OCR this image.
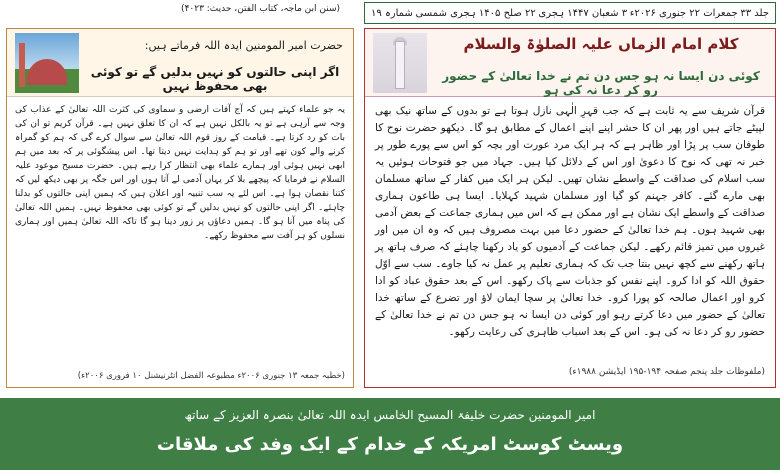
جلد ۳۳
جمعرات ۲۲ جنوری ۲۰۲۶ء
۳ شعبان ۱۴۴۷ ہجری
۲۲ صلح ۱۴۰۵ ہجری شمسی
شمارہ ۱۹
(سنن ابن ماجہ، کتاب الفتن، حدیث: ۴۰۲۳)
کلام امام الزماں علیہ الصلوٰۃ والسلام
کوئی دن ایسا نہ ہو جس دن تم نے خدا تعالیٰ کے حضور رو کر دعا نہ کی ہو
قرآن شریف سے یہ ثابت ہے کہ جب قہرِ الٰہی نازل ہوتا ہے تو بدوں کے ساتھ نیک بھی لپیٹے جاتے ہیں اور پھر ان کا حشر اپنے اپنے اعمال کے مطابق ہو گا۔ دیکھو حضرت نوح کا طوفان سب پر پڑا اور ظاہر ہے کہ ہر ایک مرد عورت اور بچہ کو اس سے پورے طور پر خبر نہ تھی کہ نوح کا دعویٰ اور اس کے دلائل کیا ہیں۔ جہاد میں جو فتوحات ہوئیں یہ سب اسلام کی صداقت کے واسطے نشان تھیں۔ لیکن ہر ایک میں کفار کے ساتھ مسلمان بھی مارے گئے۔ کافر جہنم کو گیا اور مسلمان شہید کہلایا۔ ایسا ہی طاعون ہماری صداقت کے واسطے ایک نشان ہے اور ممکن ہے کہ اس میں ہماری جماعت کے بعض آدمی بھی شہید ہوں۔ ہم خدا تعالیٰ کے حضور دعا میں بہت مصروف ہیں کہ وہ ان میں اور غیروں میں تمیز قائم رکھے۔ لیکن جماعت کے آدمیوں کو یاد رکھنا چاہئے کہ صرف ہاتھ پر ہاتھ رکھنے سے کچھ نہیں بنتا جب تک کہ ہماری تعلیم پر عمل نہ کیا جاوے۔ سب سے اوّل حقوق اللہ کو ادا کرو۔ اپنے نفس کو جذبات سے پاک رکھو۔ اس کے بعد حقوق عباد کو ادا کرو اور اعمال صالحہ کو پورا کرو۔ خدا تعالیٰ پر سچا ایمان لاؤ اور تضرع کے ساتھ خدا تعالیٰ کے حضور میں دعا کرتے رہو اور کوئی دن ایسا نہ ہو جس دن تم نے خدا تعالیٰ کے حضور رو کر دعا نہ کی ہو۔ اس کے بعد اسباب ظاہری کی رعایت رکھو۔
(ملفوظات جلد پنجم صفحہ ۱۹۴-۱۹۵ ایڈیشن ۱۹۸۸ء)
حضرت امیر المومنین ایدہ اللہ فرماتے ہیں:
اگر اپنی حالتوں کو نہیں بدلیں گے تو کوئی بھی محفوظ نہیں
یہ جو علماء کہتے ہیں کہ آج آفات ارضی و سماوی کی کثرت اللہ تعالیٰ کے عذاب کی وجہ سے آرہی ہے تو یہ بالکل نہیں ہے کہ ان کا تعلق نہیں ہے۔ قرآن کریم تو ان کی بات کو رد کرتا ہے۔ قیامت کے روز قوم اللہ تعالیٰ سے سوال کرے گی کہ ہم کو گمراہ کرنے والے کون تھے اور تو ہم کو ہدایت نہیں دیتا تھا۔ اس پیشگوئی پر کہ بعد میں ہم ابھی نہیں ہوئی اور ہمارے علماء بھی انتظار کرا رہے ہیں۔ حضرت مسیح موعود علیہ السلام نے فرمایا کہ پیچھے بلا کر یہاں آدمی لے آتا ہوں اور اس جگہ پر بھی دیکھ لیں کہ کتنا نقصان ہوا ہے۔ اس لئے یہ سب تنبیہ اور اعلان ہیں کہ ہمیں اپنی حالتوں کو بدلنا چاہئے۔ اگر اپنی حالتوں کو نہیں بدلیں گے تو کوئی بھی محفوظ نہیں۔ ہمیں اللہ تعالیٰ کی پناہ میں آنا ہو گا۔ ہمیں دعاؤں پر زور دینا ہو گا تاکہ اللہ تعالیٰ ہمیں اور ہماری نسلوں کو ہر آفت سے محفوظ رکھے۔
(خطبہ جمعہ ۱۳ جنوری ۲۰۰۶ء مطبوعہ الفضل انٹرنیشنل ۱۰ فروری ۲۰۰۶ء)
امیر المومنین حضرت خلیفۃ المسیح الخامس ایدہ اللہ تعالیٰ بنصرہ العزیز کے ساتھ
ویسٹ کوسٹ امریکہ کے خدام کے ایک وفد کی ملاقات
